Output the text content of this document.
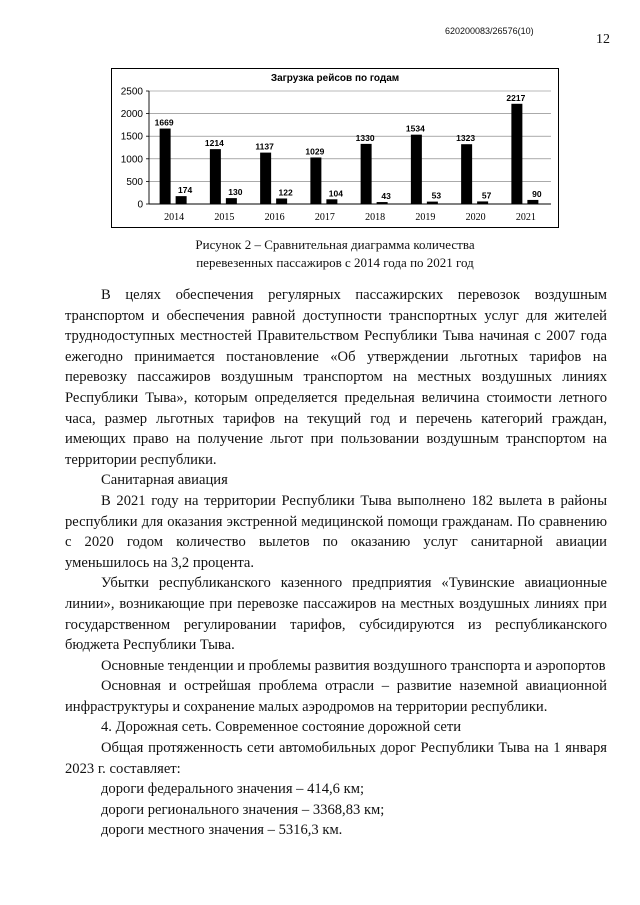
620200083/26576(10)
12
Загрузка рейсов по годам
0
500
1000
1500
2000
2500
1669
174
2014
1214
130
2015
1137
122
2016
1029
104
2017
1330
43
2018
1534
53
2019
1323
57
2020
2217
90
2021
Рисунок 2 – Сравнительная диаграмма количества
перевезенных пассажиров с 2014 года по 2021 год

В целях обеспечения регулярных пассажирских перевозок воздушным транспортом и обеспечения равной доступности транспортных услуг для жителей труднодоступных местностей Правительством Республики Тыва начиная с 2007 года ежегодно принимается постановление «Об утверждении льготных тарифов на перевозку пассажиров воздушным транспортом на местных воздушных линиях Республики Тыва», которым определяется предельная величина стоимости летного часа, размер льготных тарифов на текущий год и перечень категорий граждан, имеющих право на получение льгот при пользовании воздушным транспортом на территории республики.

Санитарная авиация

В 2021 году на территории Республики Тыва выполнено 182 вылета в районы республики для оказания экстренной медицинской помощи гражданам. По сравнению с 2020 годом количество вылетов по оказанию услуг санитарной авиации уменьшилось на 3,2 процента.

Убытки республиканского казенного предприятия «Тувинские авиационные линии», возникающие при перевозке пассажиров на местных воздушных линиях при государственном регулировании тарифов, субсидируются из республиканского бюджета Республики Тыва.

Основные тенденции и проблемы развития воздушного транспорта и аэропортов

Основная и острейшая проблема отрасли – развитие наземной авиационной инфраструктуры и сохранение малых аэродромов на территории республики.

4. Дорожная сеть. Современное состояние дорожной сети

Общая протяженность сети автомобильных дорог Республики Тыва на 1 января 2023 г. составляет:

дороги федерального значения – 414,6 км;

дороги регионального значения – 3368,83 км;

дороги местного значения – 5316,3 км.
